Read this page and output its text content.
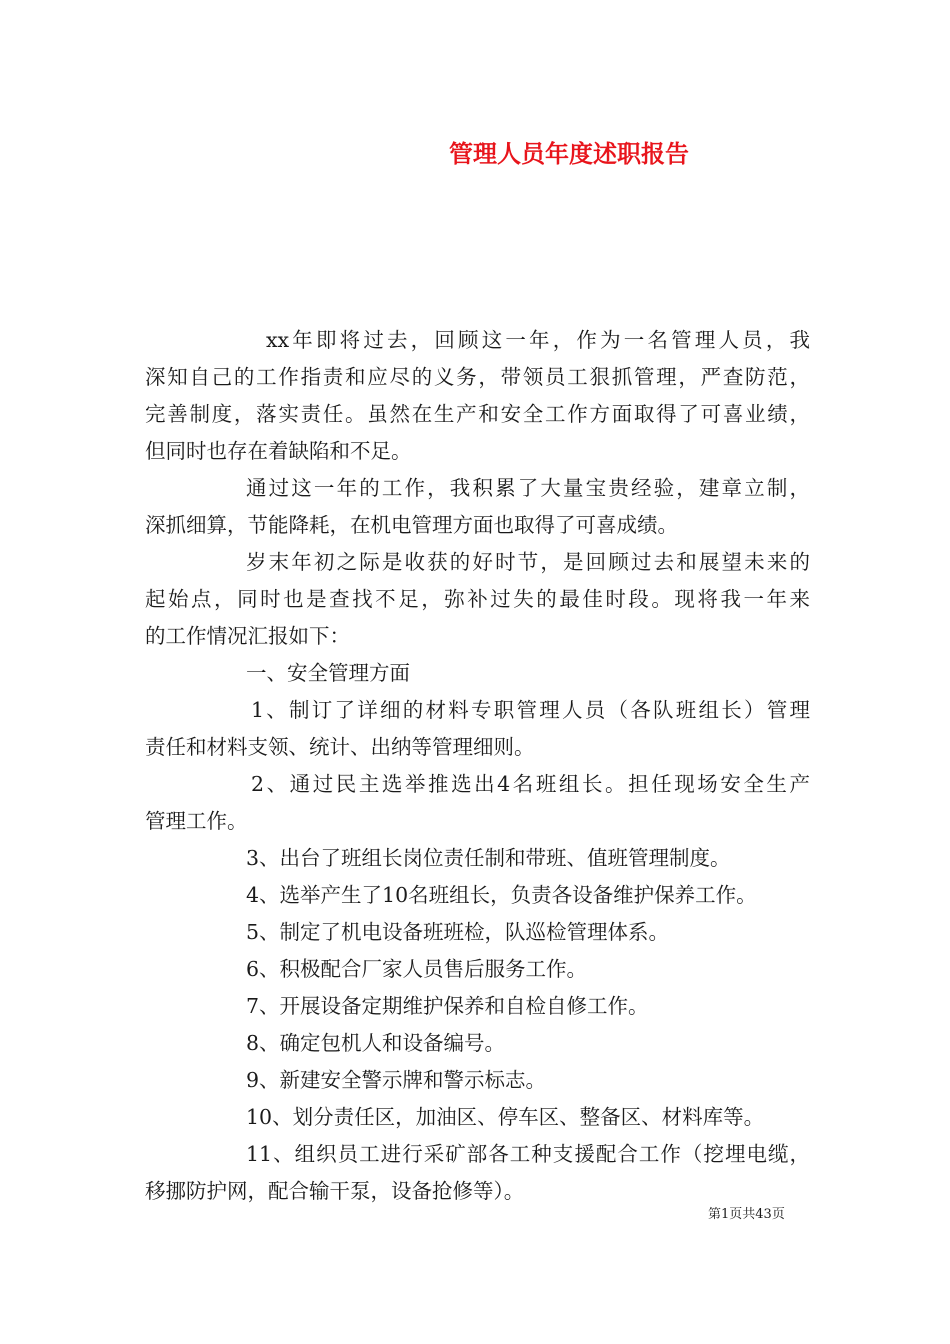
管理人员年度述职报告
xx年即将过去，回顾这一年，作为一名管理人员，我
深知自己的工作指责和应尽的义务，带领员工狠抓管理，严查防范，
完善制度，落实责任。虽然在生产和安全工作方面取得了可喜业绩，
但同时也存在着缺陷和不足。
通过这一年的工作，我积累了大量宝贵经验，建章立制，
深抓细算，节能降耗，在机电管理方面也取得了可喜成绩。
岁末年初之际是收获的好时节，是回顾过去和展望未来的
起始点，同时也是查找不足，弥补过失的最佳时段。现将我一年来
的工作情况汇报如下：
一、安全管理方面
1、制订了详细的材料专职管理人员（各队班组长）管理
责任和材料支领、统计、出纳等管理细则。
2、通过民主选举推选出4名班组长。担任现场安全生产
管理工作。
3、出台了班组长岗位责任制和带班、值班管理制度。
4、选举产生了10名班组长，负责各设备维护保养工作。
5、制定了机电设备班班检，队巡检管理体系。
6、积极配合厂家人员售后服务工作。
7、开展设备定期维护保养和自检自修工作。
8、确定包机人和设备编号。
9、新建安全警示牌和警示标志。
10、划分责任区，加油区、停车区、整备区、材料库等。
11、组织员工进行采矿部各工种支援配合工作（挖埋电缆，
移挪防护网，配合输干泵，设备抢修等）。
第1页共43页
